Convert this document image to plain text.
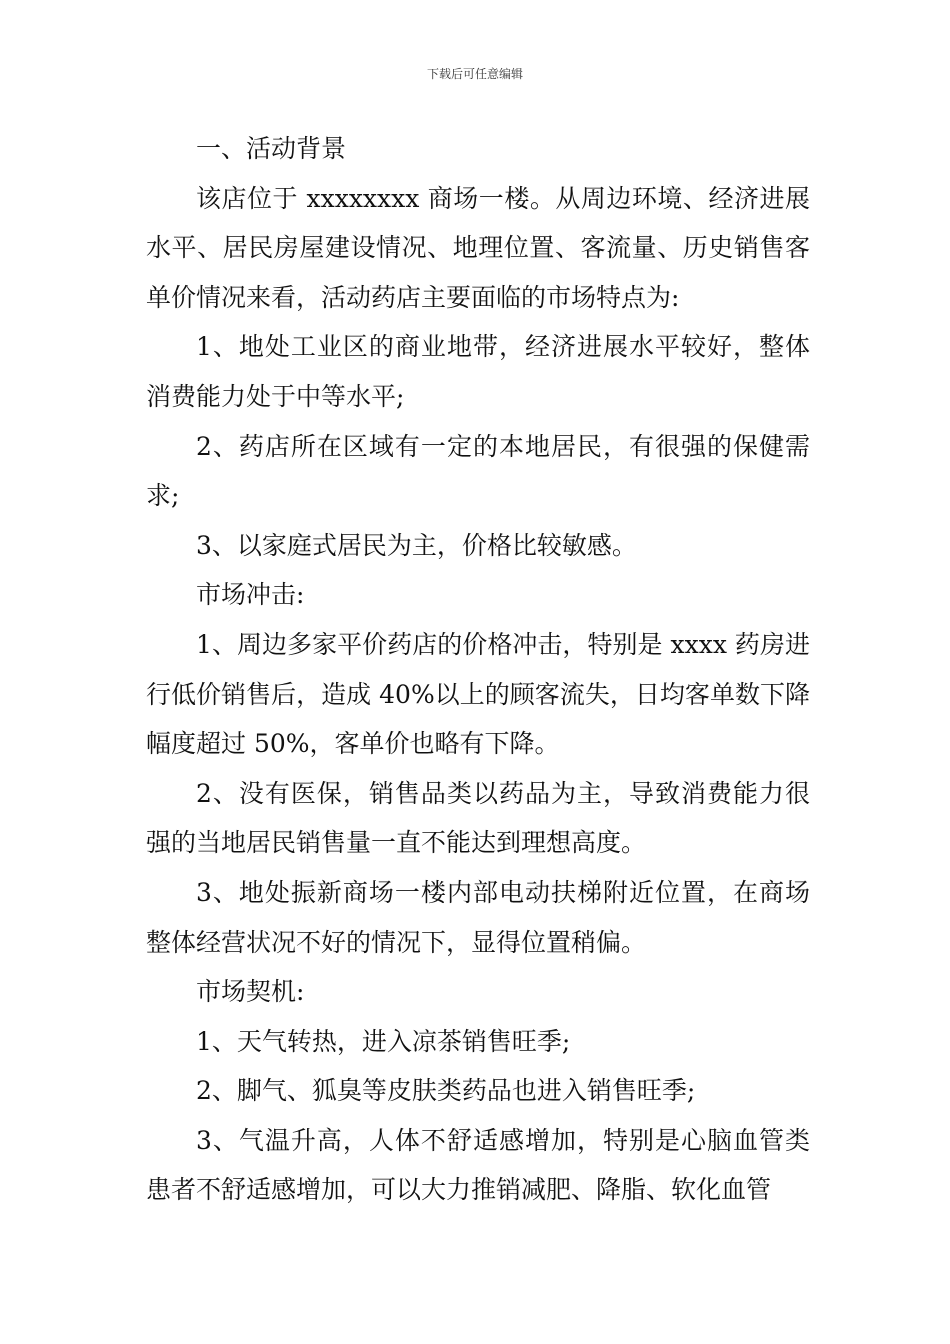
下载后可任意编辑

一、活动背景

该店位于 xxxxxxxx 商场一楼。从周边环境、经济进展水平、居民房屋建设情况、地理位置、客流量、历史销售客单价情况来看，活动药店主要面临的市场特点为:

1、地处工业区的商业地带，经济进展水平较好，整体消费能力处于中等水平;

2、药店所在区域有一定的本地居民，有很强的保健需求;

3、以家庭式居民为主，价格比较敏感。

市场冲击:

1、周边多家平价药店的价格冲击，特别是 xxxx 药房进行低价销售后，造成 40%以上的顾客流失，日均客单数下降幅度超过 50%，客单价也略有下降。

2、没有医保，销售品类以药品为主，导致消费能力很强的当地居民销售量一直不能达到理想高度。

3、地处振新商场一楼内部电动扶梯附近位置，在商场整体经营状况不好的情况下，显得位置稍偏。

市场契机:

1、天气转热，进入凉茶销售旺季;

2、脚气、狐臭等皮肤类药品也进入销售旺季;

3、气温升高，人体不舒适感增加，特别是心脑血管类患者不舒适感增加，可以大力推销减肥、降脂、软化血管
